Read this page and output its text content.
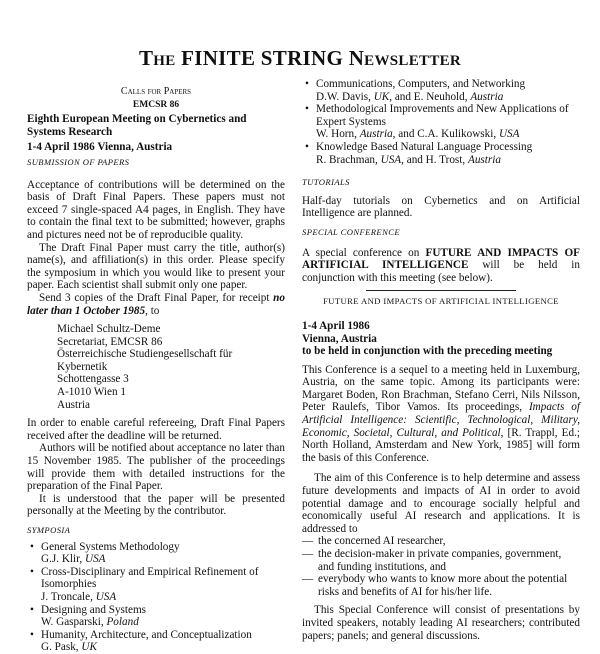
The FINITE STRING Newsletter
Calls for Papers
EMCSR 86
Eighth European Meeting on Cybernetics and Systems Research
1-4 April 1986 Vienna, Austria
SUBMISSION OF PAPERS

Acceptance of contributions will be determined on the basis of Draft Final Papers. These papers must not exceed 7 single-spaced A4 pages, in English. They have to contain the final text to be submitted; however, graphs and pictures need not be of reproducible quality.

The Draft Final Paper must carry the title, author(s) name(s), and affiliation(s) in this order. Please specify the symposium in which you would like to present your paper. Each scientist shall submit only one paper.

Send 3 copies of the Draft Final Paper, for receipt no later than 1 October 1985, to

Michael Schultz-Deme
Secretariat, EMCSR 86
Österreichische Studiengesellschaft für Kybernetik
Schottengasse 3
A-1010 Wien 1
Austria

In order to enable careful refereeing, Draft Final Papers received after the deadline will be returned.

Authors will be notified about acceptance no later than 15 November 1985. The publisher of the proceedings will provide them with detailed instructions for the preparation of the Final Paper.

It is understood that the paper will be presented personally at the Meeting by the contributor.

SYMPOSIA
• General Systems Methodology
G.J. Klir, USA
• Cross-Disciplinary and Empirical Refinement of Isomorphies
J. Troncale, USA
• Designing and Systems
W. Gasparski, Poland
• Humanity, Architecture, and Conceptualization
G. Pask, UK
• Communications, Computers, and Networking
D.W. Davis, UK, and E. Neuhold, Austria
• Methodological Improvements and New Applications of Expert Systems
W. Horn, Austria, and C.A. Kulikowski, USA
• Knowledge Based Natural Language Processing
R. Brachman, USA, and H. Trost, Austria
TUTORIALS

Half-day tutorials on Cybernetics and on Artificial Intelligence are planned.

SPECIAL CONFERENCE

A special conference on FUTURE AND IMPACTS OF ARTIFICIAL INTELLIGENCE will be held in conjunction with this meeting (see below).

FUTURE AND IMPACTS OF ARTIFICIAL INTELLIGENCE
1-4 April 1986
Vienna, Austria
to be held in conjunction with the preceding meeting

This Conference is a sequel to a meeting held in Luxemburg, Austria, on the same topic. Among its participants were: Margaret Boden, Ron Brachman, Stefano Cerri, Nils Nilsson, Peter Raulefs, Tibor Vamos. Its proceedings, Impacts of Artificial Intelligence: Scientific, Technological, Military, Economic, Societal, Cultural, and Political, [R. Trappl, Ed.; North Holland, Amsterdam and New York, 1985] will form the basis of this Conference.

The aim of this Conference is to help determine and assess future developments and impacts of AI in order to avoid potential damage and to encourage socially helpful and economically useful AI research and applications. It is addressed to

— the concerned AI researcher,
— the decision-maker in private companies, government, and funding institutions, and
— everybody who wants to know more about the potential risks and benefits of AI for his/her life.

This Special Conference will consist of presentations by invited speakers, notably leading AI researchers; contributed papers; panels; and general discussions.
